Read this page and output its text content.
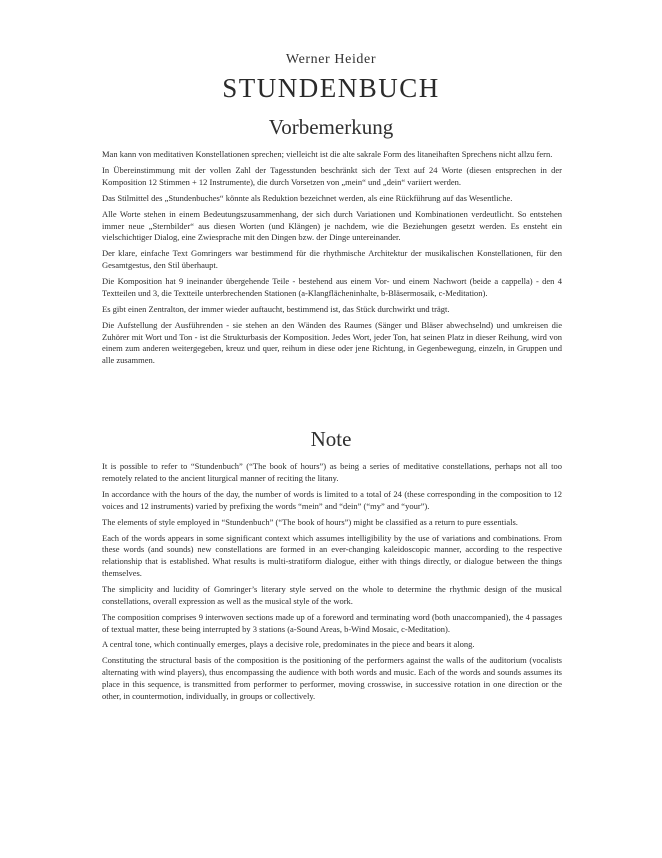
Werner Heider
STUNDENBUCH
Vorbemerkung

Man kann von meditativen Konstellationen sprechen; vielleicht ist die alte sakrale Form des litaneihaften Sprechens nicht allzu fern.

In Übereinstimmung mit der vollen Zahl der Tagesstunden beschränkt sich der Text auf 24 Worte (diesen entsprechen in der Komposition 12 Stimmen + 12 Instrumente), die durch Vorsetzen von „mein“ und „dein“ variiert werden.

Das Stilmittel des „Stundenbuches“ könnte als Reduktion bezeichnet werden, als eine Rückführung auf das Wesentliche.

Alle Worte stehen in einem Bedeutungszusammenhang, der sich durch Variationen und Kombinationen verdeutlicht. So entstehen immer neue „Sternbilder“ aus diesen Worten (und Klängen) je nachdem, wie die Beziehungen gesetzt werden. Es ensteht ein vielschichtiger Dialog, eine Zwiesprache mit den Dingen bzw. der Dinge untereinander.

Der klare, einfache Text Gomringers war bestimmend für die rhythmische Architektur der musikalischen Konstellationen, für den Gesamtgestus, den Stil überhaupt.

Die Komposition hat 9 ineinander übergehende Teile - bestehend aus einem Vor- und einem Nachwort (beide a cappella) - den 4 Textteilen und 3, die Textteile unterbrechenden Stationen (a-Klangflächeninhalte, b-Bläsermosaik, c-Meditation).

Es gibt einen Zentralton, der immer wieder auftaucht, bestimmend ist, das Stück durchwirkt und trägt.

Die Aufstellung der Ausführenden - sie stehen an den Wänden des Raumes (Sänger und Bläser abwechselnd) und umkreisen die Zuhörer mit Wort und Ton - ist die Strukturbasis der Komposition. Jedes Wort, jeder Ton, hat seinen Platz in dieser Reihung, wird von einem zum anderen weitergegeben, kreuz und quer, reihum in diese oder jene Richtung, in Gegenbewegung, einzeln, in Gruppen und alle zusammen.

Note

It is possible to refer to “Stundenbuch” (“The book of hours”) as being a series of meditative constellations, perhaps not all too remotely related to the ancient liturgical manner of reciting the litany.

In accordance with the hours of the day, the number of words is limited to a total of 24 (these corresponding in the composition to 12 voices and 12 instruments) varied by prefixing the words “mein” and “dein” (“my” and “your”).

The elements of style employed in “Stundenbuch” (“The book of hours”) might be classified as a return to pure essentials.

Each of the words appears in some significant context which assumes intelligibility by the use of variations and combinations. From these words (and sounds) new constellations are formed in an ever-changing kaleidoscopic manner, according to the respective relationship that is established. What results is multi-stratiform dialogue, either with things directly, or dialogue between the things themselves.

The simplicity and lucidity of Gomringer’s literary style served on the whole to determine the rhythmic design of the musical constellations, overall expression as well as the musical style of the work.

The composition comprises 9 interwoven sections made up of a foreword and terminating word (both unaccompanied), the 4 passages of textual matter, these being interrupted by 3 stations (a-Sound Areas, b-Wind Mosaic, c-Meditation).

A central tone, which continually emerges, plays a decisive role, predominates in the piece and bears it along.

Constituting the structural basis of the composition is the positioning of the performers against the walls of the auditorium (vocalists alternating with wind players), thus encompassing the audience with both words and music. Each of the words and sounds assumes its place in this sequence, is transmitted from performer to performer, moving crosswise, in successive rotation in one direction or the other, in countermotion, individually, in groups or collectively.
